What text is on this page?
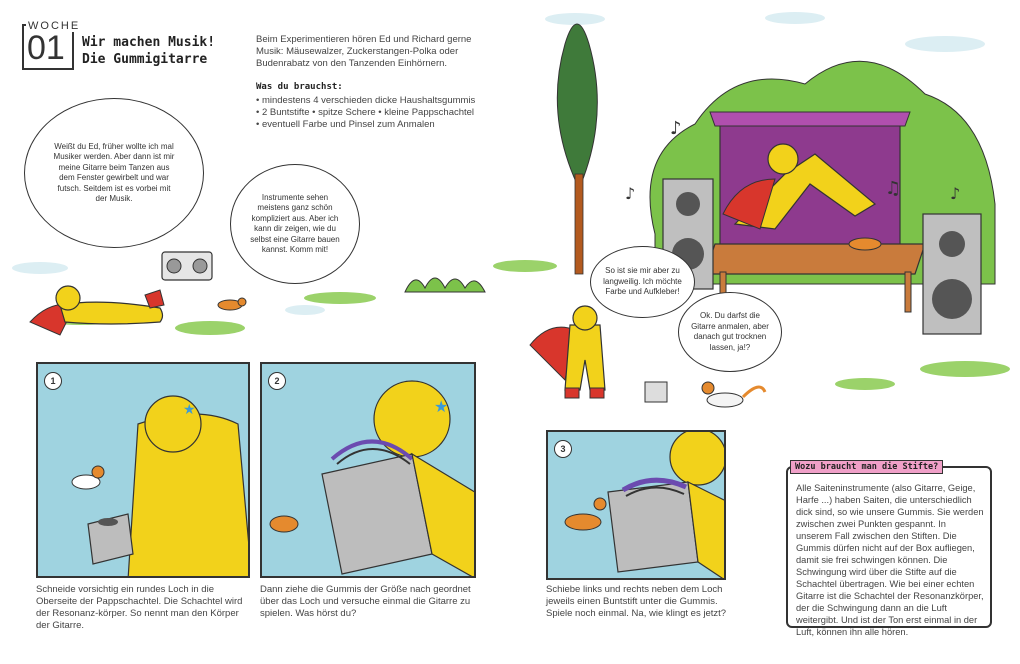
WOCHE
01 Wir machen Musik!
Die Gummigitarre
Beim Experimentieren hören Ed und Richard gerne Musik: Mäusewalzer, Zuckerstangen-Polka oder Budenrabatz von den Tanzenden Einhörnern.
Was du brauchst:
• mindestens 4 verschieden dicke Haushaltsgummis
• 2 Buntstifte • spitze Schere • kleine Pappschachtel
• eventuell Farbe und Pinsel zum Anmalen
Weißt du Ed, früher wollte ich mal Musiker werden. Aber dann ist mir meine Gitarre beim Tanzen aus dem Fenster gewirbelt und war futsch. Seitdem ist es vorbei mit der Musik.	Instrumente sehen meistens ganz schön kompliziert aus. Aber ich kann dir zeigen, wie du selbst eine Gitarre bauen kannst. Komm mit!
♪
♪	♫	♪
So ist sie mir aber zu langweilig. Ich möchte Farbe und Aufkleber!
Ok. Du darfst die Gitarre anmalen, aber danach gut trocknen lassen, ja!?
★
1
Schneide vorsichtig ein rundes Loch in die Oberseite der Pappschachtel. Die Schachtel wird der Resonanz-körper. So nennt man den Körper der Gitarre.
★
2
Dann ziehe die Gummis der Größe nach geordnet über das Loch und versuche einmal die Gitarre zu spielen. Was hörst du?
3
Schiebe links und rechts neben dem Loch jeweils einen Buntstift unter die Gummis. Spiele noch einmal. Na, wie klingt es jetzt?
Alle Saiteninstrumente (also Gitarre, Geige, Harfe ...) haben Saiten, die unterschiedlich dick sind, so wie unsere Gummis. Sie werden zwischen zwei Punkten gespannt. In unserem Fall zwischen den Stiften. Die Gummis dürfen nicht auf der Box aufliegen, damit sie frei schwingen können. Die Schwingung wird über die Stifte auf die Schachtel übertragen. Wie bei einer echten Gitarre ist die Schachtel der Resonanzkörper, der die Schwingung dann an die Luft weitergibt. Und ist der Ton erst einmal in der Luft, können ihn alle hören.
Wozu braucht man die Stifte?
